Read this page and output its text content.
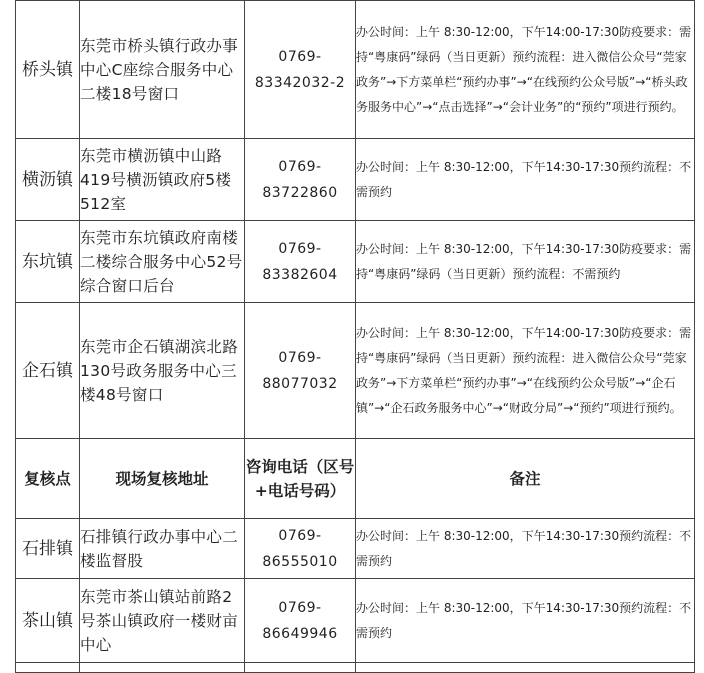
桥头镇	东莞市桥头镇行政办事中心C座综合服务中心二楼18号窗口	0769-83342032-2	办公时间：上午 8:30-12:00，下午14:00-17:30防疫要求：需持“粤康码”绿码（当日更新）预约流程：进入微信公众号“莞家政务”→下方菜单栏“预约办事”→“在线预约公众号版”→“桥头政务服务中心”→“点击选择”→“会计业务”的“预约”项进行预约。
横沥镇	东莞市横沥镇中山路419号横沥镇政府5楼512室	0769-83722860	办公时间：上午 8:30-12:00，下午14:30-17:30预约流程：不需预约
东坑镇	东莞市东坑镇政府南楼二楼综合服务中心52号综合窗口后台	0769-83382604	办公时间：上午 8:30-12:00，下午14:30-17:30防疫要求：需持“粤康码”绿码（当日更新）预约流程：不需预约
企石镇	东莞市企石镇湖滨北路130号政务服务中心三楼48号窗口	0769-88077032	办公时间：上午 8:30-12:00，下午14:00-17:30防疫要求：需持“粤康码”绿码（当日更新）预约流程：进入微信公众号“莞家政务”→下方菜单栏“预约办事”→“在线预约公众号版”→“企石镇”→“企石政务服务中心”→“财政分局”→“预约”项进行预约。
复核点	现场复核地址	咨询电话（区号+电话号码）	备注
石排镇	石排镇行政办事中心二楼监督股	0769-86555010	办公时间：上午 8:30-12:00，下午14:30-17:30预约流程：不需预约
茶山镇	东莞市茶山镇站前路2号茶山镇政府一楼财亩中心	0769-86649946	办公时间：上午 8:30-12:00，下午14:30-17:30预约流程：不需预约
